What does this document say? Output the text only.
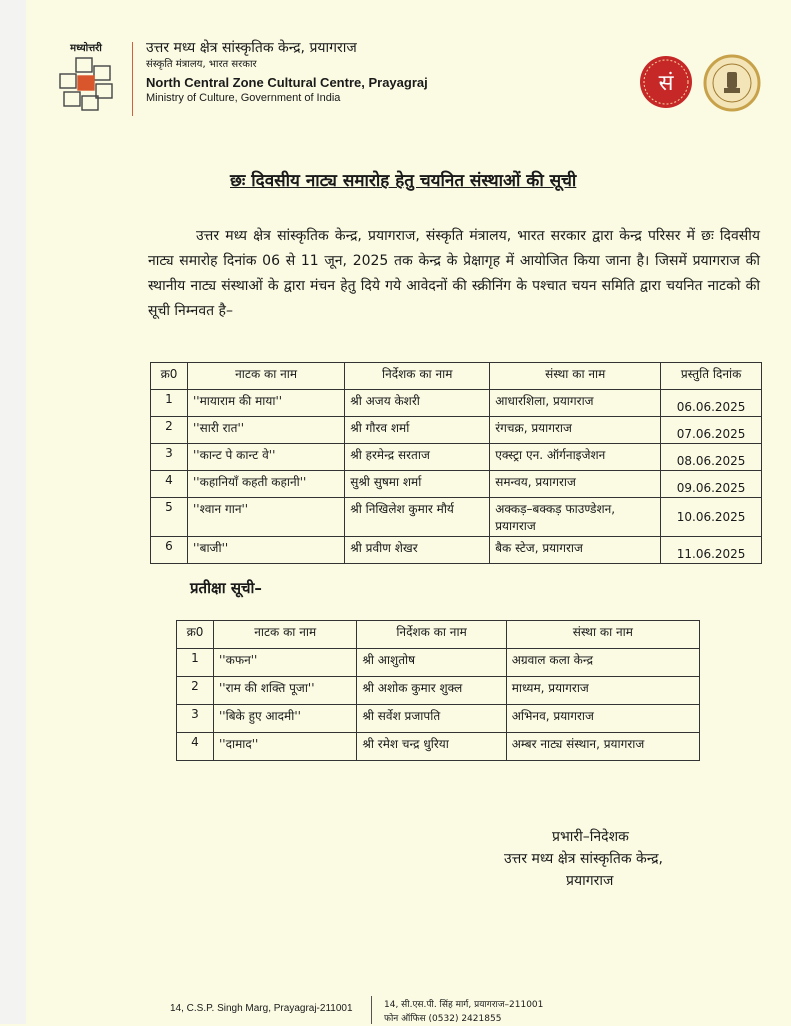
मध्योत्तरी	उत्तर मध्य क्षेत्र सांस्कृतिक केन्द्र, प्रयागराज
संस्कृति मंत्रालय, भारत सरकार
North Central Zone Cultural Centre, Prayagraj
Ministry of Culture, Government of India
सं
छः दिवसीय नाट्य समारोह हेतु चयनित संस्थाओं की सूची
उत्तर मध्य क्षेत्र सांस्कृतिक केन्द्र, प्रयागराज, संस्कृति मंत्रालय, भारत सरकार द्वारा केन्द्र परिसर में छः दिवसीय नाट्य समारोह दिनांक 06 से 11 जून, 2025 तक केन्द्र के प्रेक्षागृह में आयोजित किया जाना है। जिसमें प्रयागराज की स्थानीय नाट्य संस्थाओं के द्वारा मंचन हेतु दिये गये आवेदनों की स्क्रीनिंग के पश्चात चयन समिति द्वारा चयनित नाटको की सूची निम्नवत है–
क्र0	नाटक का नाम	निर्देशक का नाम	संस्था का नाम	प्रस्तुति दिनांक
1	''मायाराम की माया''	श्री अजय केशरी	आधारशिला, प्रयागराज	06.06.2025
2	''सारी रात''	श्री गौरव शर्मा	रंगचक्र, प्रयागराज	07.06.2025
3	''कान्ट पे कान्ट वे''	श्री हरमेन्द्र सरताज	एक्स्ट्रा एन. ऑर्गनाइजेशन	08.06.2025
4	''कहानियाँ कहती कहानी''	सुश्री सुषमा शर्मा	समन्वय, प्रयागराज	09.06.2025
5	''श्वान गान''	श्री निखिलेश कुमार मौर्य	अक्कड़–बक्कड़ फाउण्डेशन, प्रयागराज	10.06.2025
6	''बाजी''	श्री प्रवीण शेखर	बैक स्टेज, प्रयागराज	11.06.2025
प्रतीक्षा सूची–
क्र0	नाटक का नाम	निर्देशक का नाम	संस्था का नाम
1	''कफन''	श्री आशुतोष	अग्रवाल कला केन्द्र
2	''राम की शक्ति पूजा''	श्री अशोक कुमार शुक्ल	माध्यम, प्रयागराज
3	''बिके हुए आदमी''	श्री सर्वेश प्रजापति	अभिनव, प्रयागराज
4	''दामाद''	श्री रमेश चन्द्र धुरिया	अम्बर नाट्य संस्थान, प्रयागराज
प्रभारी–निदेशक
उत्तर मध्य क्षेत्र सांस्कृतिक केन्द्र,
प्रयागराज
14, C.S.P. Singh Marg, Prayagraj-211001	14, सी.एस.पी. सिंह मार्ग, प्रयागराज–211001
फोन ऑफिस (0532) 2421855
